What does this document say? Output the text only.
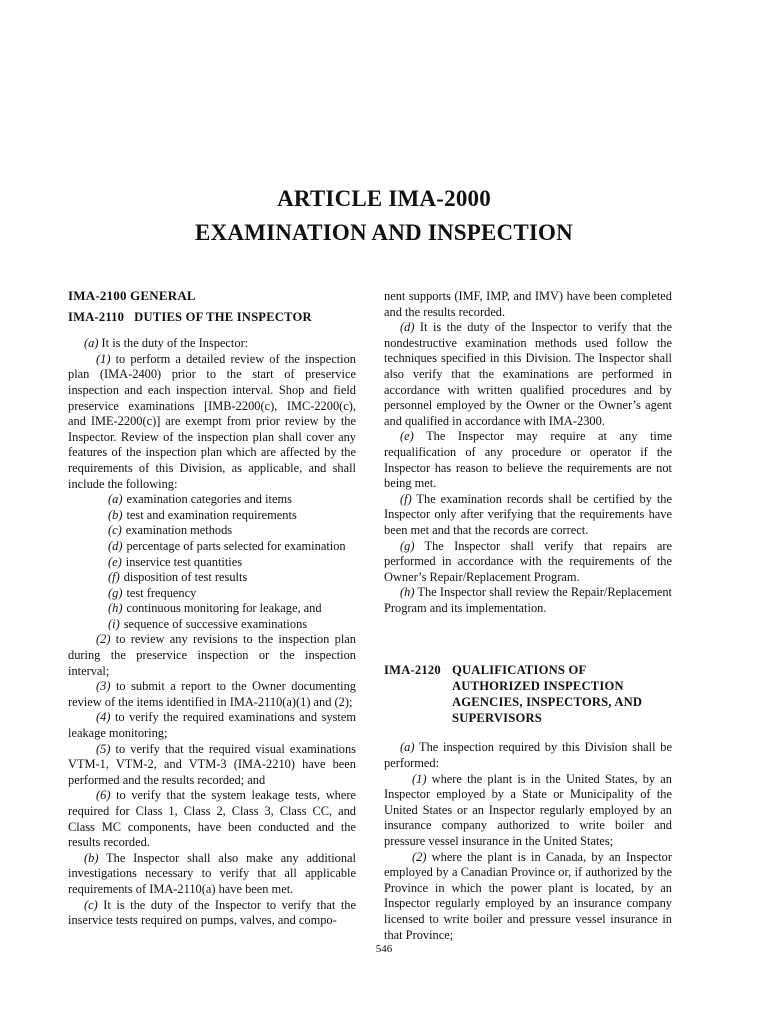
ARTICLE IMA-2000
EXAMINATION AND INSPECTION

IMA-2100 GENERAL

IMA-2110 DUTIES OF THE INSPECTOR

(a) It is the duty of the Inspector:

(1) to perform a detailed review of the inspection plan (IMA-2400) prior to the start of preservice inspection and each inspection interval. Shop and field preservice examinations [IMB-2200(c), IMC-2200(c), and IME-2200(c)] are exempt from prior review by the Inspector. Review of the inspection plan shall cover any features of the inspection plan which are affected by the requirements of this Division, as applicable, and shall include the following:

(a) examination categories and items

(b) test and examination requirements

(c) examination methods

(d) percentage of parts selected for examination

(e) inservice test quantities

(f) disposition of test results

(g) test frequency

(h) continuous monitoring for leakage, and

(i) sequence of successive examinations

(2) to review any revisions to the inspection plan during the preservice inspection or the inspection interval;

(3) to submit a report to the Owner documenting review of the items identified in IMA-2110(a)(1) and (2);

(4) to verify the required examinations and system leakage monitoring;

(5) to verify that the required visual examinations VTM-1, VTM-2, and VTM-3 (IMA-2210) have been performed and the results recorded; and

(6) to verify that the system leakage tests, where required for Class 1, Class 2, Class 3, Class CC, and Class MC components, have been conducted and the results recorded.

(b) The Inspector shall also make any additional investigations necessary to verify that all applicable requirements of IMA-2110(a) have been met.

(c) It is the duty of the Inspector to verify that the inservice tests required on pumps, valves, and compo-

nent supports (IMF, IMP, and IMV) have been completed and the results recorded.

(d) It is the duty of the Inspector to verify that the nondestructive examination methods used follow the techniques specified in this Division. The Inspector shall also verify that the examinations are performed in accordance with written qualified procedures and by personnel employed by the Owner or the Owner’s agent and qualified in accordance with IMA-2300.

(e) The Inspector may require at any time requalification of any procedure or operator if the Inspector has reason to believe the requirements are not being met.

(f) The examination records shall be certified by the Inspector only after verifying that the requirements have been met and that the records are correct.

(g) The Inspector shall verify that repairs are performed in accordance with the requirements of the Owner’s Repair/Replacement Program.

(h) The Inspector shall review the Repair/Replacement Program and its implementation.

IMA-2120 QUALIFICATIONS OF AUTHORIZED INSPECTION AGENCIES, INSPECTORS, AND SUPERVISORS

(a) The inspection required by this Division shall be performed:

(1) where the plant is in the United States, by an Inspector employed by a State or Municipality of the United States or an Inspector regularly employed by an insurance company authorized to write boiler and pressure vessel insurance in the United States;

(2) where the plant is in Canada, by an Inspector employed by a Canadian Province or, if authorized by the Province in which the power plant is located, by an Inspector regularly employed by an insurance company licensed to write boiler and pressure vessel insurance in that Province;

546
